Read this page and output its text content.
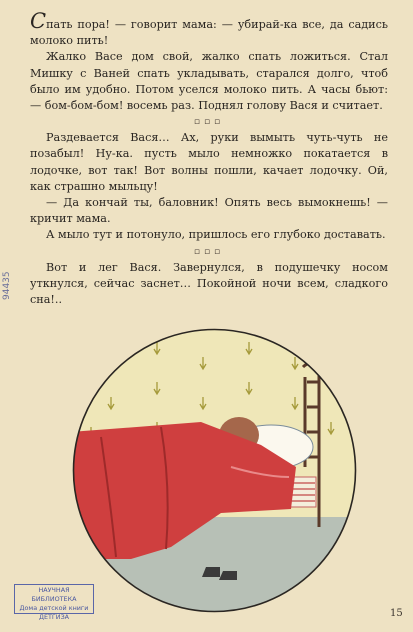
Спать пора! — говорит мама: — убирай-ка все, да садись молоко пить!

Жалко Васе дом свой, жалко спать ложиться. Стал Мишку с Ваней спать укладывать, старался долго, чтоб было им удобно. Потом уселся молоко пить. А часы бьют: — бом-бом-бом! восемь раз. Поднял голову Вася и считает.

▫▫▫

Раздевается Вася… Ах, руки вымыть чуть-чуть не позабыл! Ну-ка. пусть мыло немножко покатается в лодочке, вот так! Вот волны пошли, качает лодочку. Ой, как страшно мыльцу!

— Да кончай ты, баловник! Опять весь вымокнешь! — кричит мама.

А мыло тут и потонуло, пришлось его глубоко доставать.

▫▫▫

Вот и лег Вася. Завернулся, в подушечку носом уткнулся, сейчас заснет… Покойной ночи всем, сладкого сна!..

НАУЧНАЯ БИБЛИОТЕКА
Дома детской книги
ДЕТГИЗА
94435
15
